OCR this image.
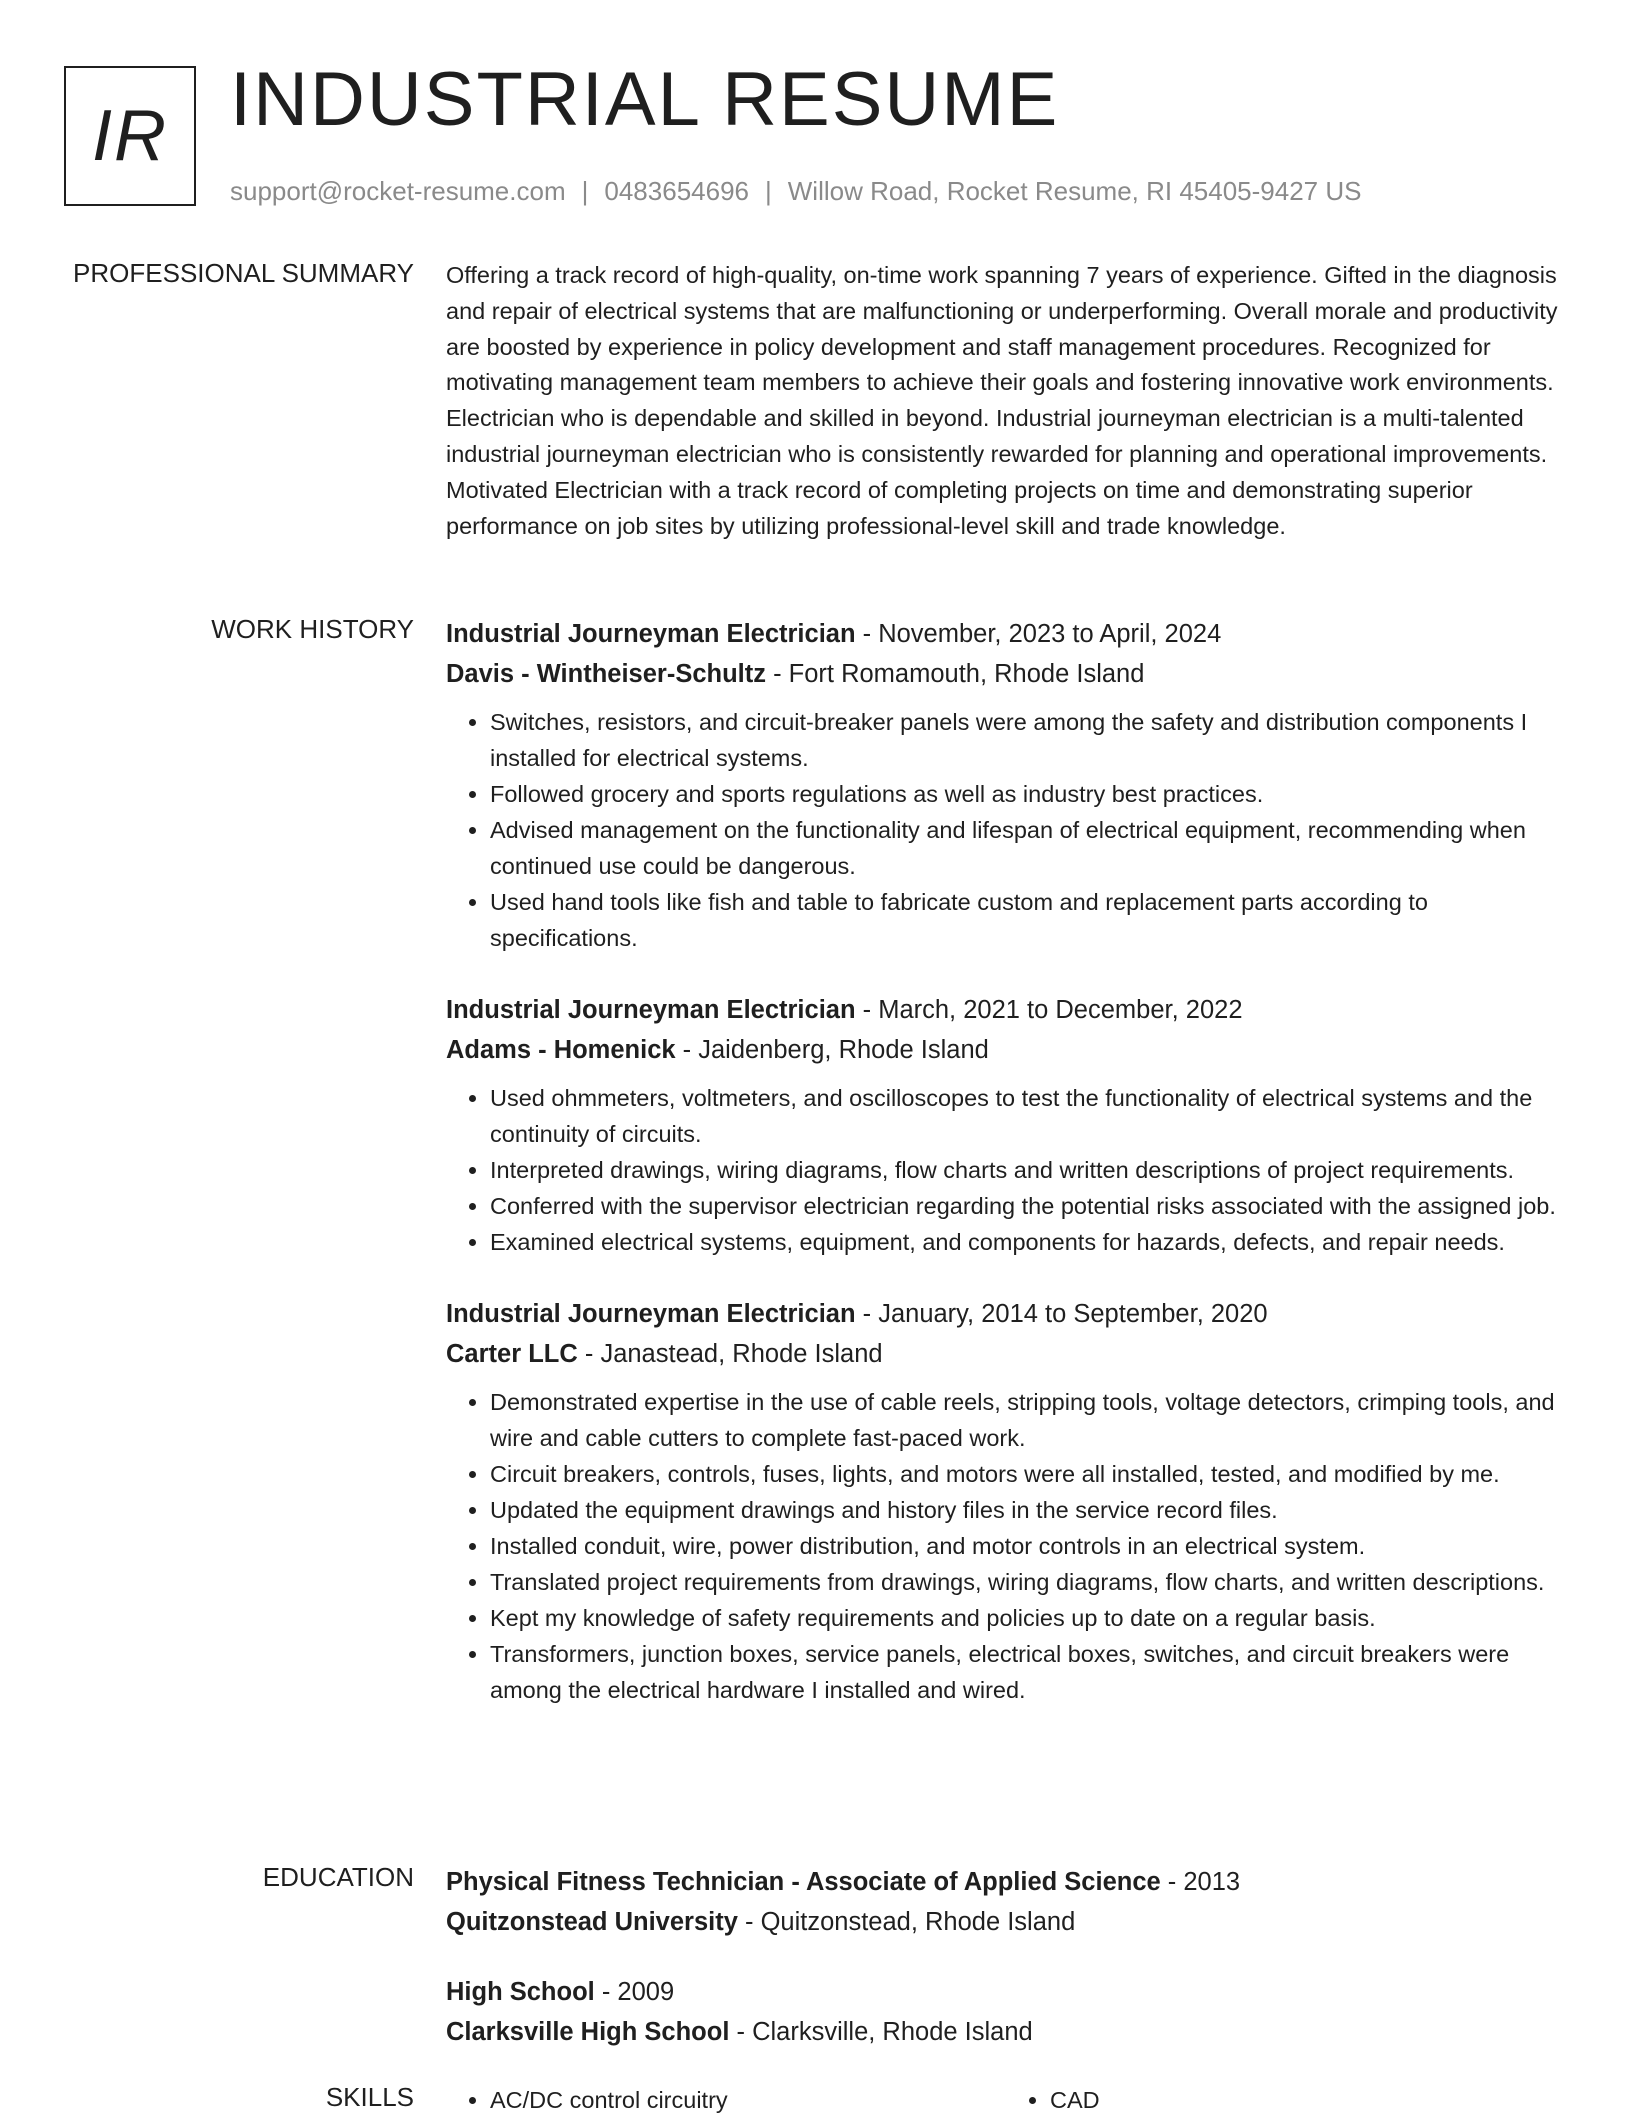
IR INDUSTRIAL RESUME
support@rocket-resume.com | 0483654696 | Willow Road, Rocket Resume, RI 45405-9427 US
PROFESSIONAL SUMMARY Offering a track record of high-quality, on-time work spanning 7 years of experience. Gifted in the diagnosis and repair of electrical systems that are malfunctioning or underperforming. Overall morale and productivity are boosted by experience in policy development and staff management procedures. Recognized for motivating management team members to achieve their goals and fostering innovative work environments. Electrician who is dependable and skilled in beyond. Industrial journeyman electrician is a multi-talented industrial journeyman electrician who is consistently rewarded for planning and operational improvements. Motivated Electrician with a track record of completing projects on time and demonstrating superior performance on job sites by utilizing professional-level skill and trade knowledge.

WORK HISTORY Industrial Journeyman Electrician - November, 2023 to April, 2024
Davis - Wintheiser-Schultz - Fort Romamouth, Rhode Island
• Switches, resistors, and circuit-breaker panels were among the safety and distribution components I installed for electrical systems.
• Followed grocery and sports regulations as well as industry best practices.
• Advised management on the functionality and lifespan of electrical equipment, recommending when continued use could be dangerous.
• Used hand tools like fish and table to fabricate custom and replacement parts according to specifications.
Industrial Journeyman Electrician - March, 2021 to December, 2022
Adams - Homenick - Jaidenberg, Rhode Island
• Used ohmmeters, voltmeters, and oscilloscopes to test the functionality of electrical systems and the continuity of circuits.
• Interpreted drawings, wiring diagrams, flow charts and written descriptions of project requirements.
• Conferred with the supervisor electrician regarding the potential risks associated with the assigned job.
• Examined electrical systems, equipment, and components for hazards, defects, and repair needs.
Industrial Journeyman Electrician - January, 2014 to September, 2020
Carter LLC - Janastead, Rhode Island
• Demonstrated expertise in the use of cable reels, stripping tools, voltage detectors, crimping tools, and wire and cable cutters to complete fast-paced work.
• Circuit breakers, controls, fuses, lights, and motors were all installed, tested, and modified by me.
• Updated the equipment drawings and history files in the service record files.
• Installed conduit, wire, power distribution, and motor controls in an electrical system.
• Translated project requirements from drawings, wiring diagrams, flow charts, and written descriptions.
• Kept my knowledge of safety requirements and policies up to date on a regular basis.
• Transformers, junction boxes, service panels, electrical boxes, switches, and circuit breakers were among the electrical hardware I installed and wired.
EDUCATION Physical Fitness Technician - Associate of Applied Science - 2013
Quitzonstead University - Quitzonstead, Rhode Island
High School - 2009
Clarksville High School - Clarksville, Rhode Island
SKILLS	• AC/DC control circuitry	• CAD
